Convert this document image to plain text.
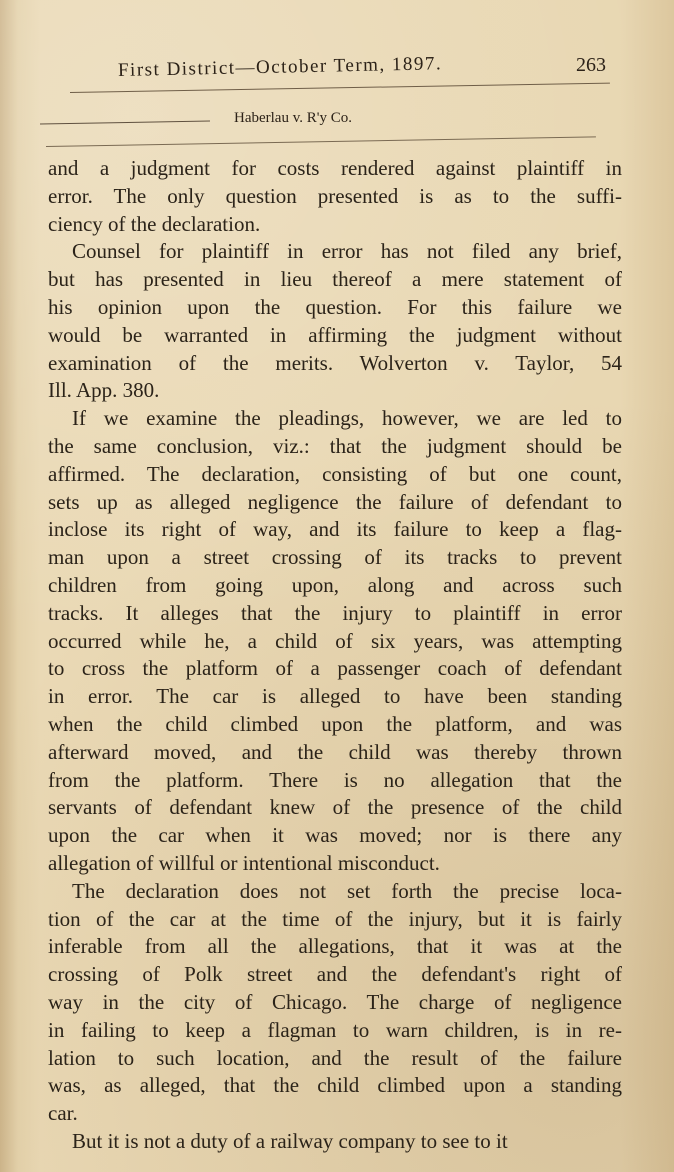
First District—October Term, 1897.	263
Haberlau v. R'y Co.
and a judgment for costs rendered against plaintiff in
error. The only question presented is as to the suffi-
ciency of the declaration.
Counsel for plaintiff in error has not filed any brief,
but has presented in lieu thereof a mere statement of
his opinion upon the question. For this failure we
would be warranted in affirming the judgment without
examination of the merits. Wolverton v. Taylor, 54
Ill. App. 380.
If we examine the pleadings, however, we are led to
the same conclusion, viz.: that the judgment should be
affirmed. The declaration, consisting of but one count,
sets up as alleged negligence the failure of defendant to
inclose its right of way, and its failure to keep a flag-
man upon a street crossing of its tracks to prevent
children from going upon, along and across such
tracks. It alleges that the injury to plaintiff in error
occurred while he, a child of six years, was attempting
to cross the platform of a passenger coach of defendant
in error. The car is alleged to have been standing
when the child climbed upon the platform, and was
afterward moved, and the child was thereby thrown
from the platform. There is no allegation that the
servants of defendant knew of the presence of the child
upon the car when it was moved; nor is there any
allegation of willful or intentional misconduct.
The declaration does not set forth the precise loca-
tion of the car at the time of the injury, but it is fairly
inferable from all the allegations, that it was at the
crossing of Polk street and the defendant's right of
way in the city of Chicago. The charge of negligence
in failing to keep a flagman to warn children, is in re-
lation to such location, and the result of the failure
was, as alleged, that the child climbed upon a standing
car.
But it is not a duty of a railway company to see to it
